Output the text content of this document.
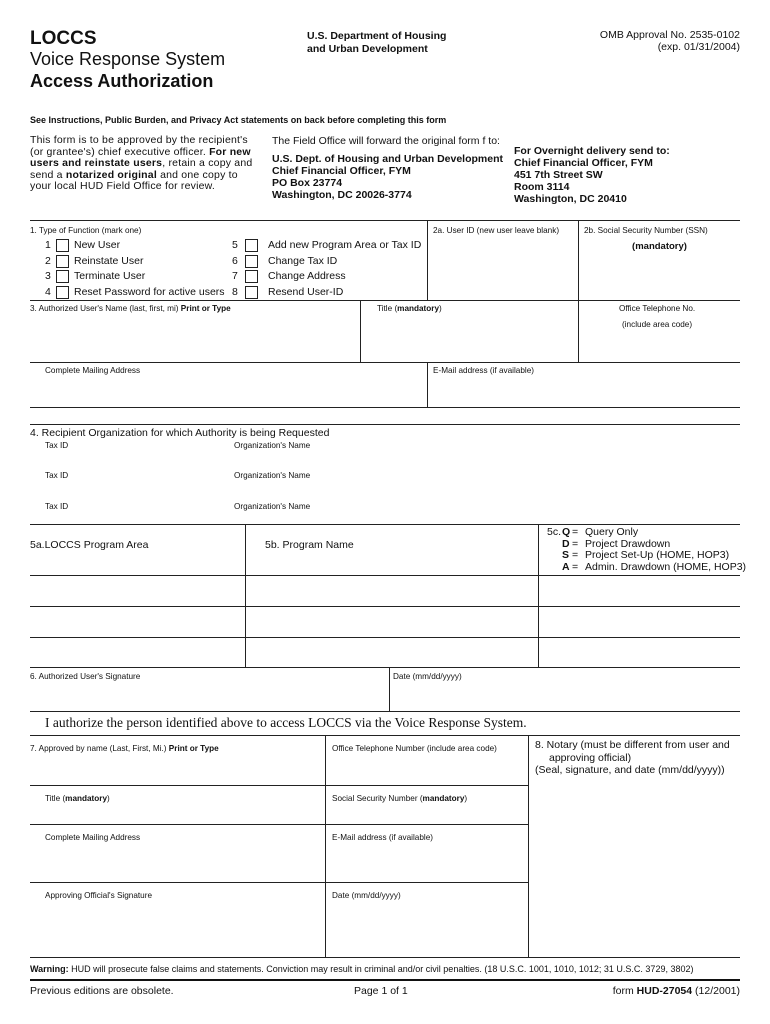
LOCCS
Voice Response System
Access Authorization
U.S. Department of Housing
and Urban Development
OMB Approval No. 2535-0102
(exp. 01/31/2004)
See Instructions, Public Burden, and Privacy Act statements on back before completing this form
This form is to be approved by the recipient's
(or grantee's) chief executive officer. For new
users and reinstate users, retain a copy and
send a notarized original and one copy to
your local HUD Field Office for review.
The Field Office will forward the original form f to:
U.S. Dept. of Housing and Urban Development
Chief Financial Officer, FYM
PO Box 23774
Washington, DC 20026-3774
For Overnight delivery send to:
Chief Financial Officer, FYM
451 7th Street SW
Room 3114
Washington, DC 20410
1. Type of Function (mark one)
1 New User
2 Reinstate User
3 Terminate User
4 Reset Password for active users
5	Add new Program Area or Tax ID
6	Change Tax ID
7	Change Address
8	Resend User-ID
2a. User ID (new user leave blank)	2b. Social Security Number (SSN)
(mandatory)
3. Authorized User's Name (last, first, mi) Print or Type	Title (mandatory)	Office Telephone No.
(include area code)
Complete Mailing Address	E-Mail address (if available)
4. Recipient Organization for which Authority is being Requested
Tax ID	Organization's Name
Tax ID	Organization's Name
Tax ID	Organization's Name
5a.LOCCS Program Area	5b. Program Name
5c. Q = Query Only
D = Project Drawdown
S = Project Set-Up (HOME, HOP3)
A = Admin. Drawdown (HOME, HOP3)
6. Authorized User's Signature	Date (mm/dd/yyyy)
I authorize the person identified above to access LOCCS via the Voice Response System.
7. Approved by name (Last, First, Mi.) Print or Type	Office Telephone Number (include area code)
Title (mandatory)	Social Security Number (mandatory)
Complete Mailing Address	E-Mail address (if available)
Approving Official's Signature	Date (mm/dd/yyyy)
8. Notary (must be different from user and
approving official)
(Seal, signature, and date (mm/dd/yyyy))
Warning: HUD will prosecute false claims and statements. Conviction may result in criminal and/or civil penalties. (18 U.S.C. 1001, 1010, 1012; 31 U.S.C. 3729, 3802)
Previous editions are obsolete.	Page 1 of 1	form HUD-27054 (12/2001)
